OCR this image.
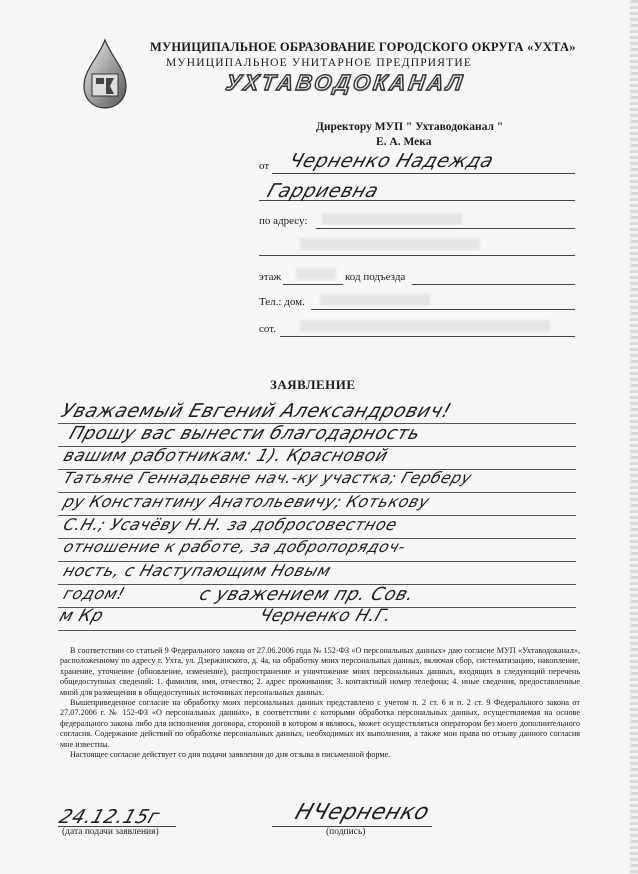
МУНИЦИПАЛЬНОЕ ОБРАЗОВАНИЕ ГОРОДСКОГО ОКРУГА «УХТА»
МУНИЦИПАЛЬНОЕ УНИТАРНОЕ ПРЕДПРИЯТИЕ
УХТАВОДОКАНАЛ
Директору МУП " Ухтаводоканал "
Е. А. Мека
от Черненко Надежда
Гарриевна
по адресу:
этаж	код подъезда
Тел.: дом.
сот.
ЗАЯВЛЕНИЕ
Уважаемый Евгений Александрович!
Прошу вас вынести благодарность
вашим работникам: 1). Красновой
Татьяне Геннадьевне нач.-ку участка; Герберу
ру Константину Анатольевичу; Котькову
С.Н.; Усачёву Н.Н. за добросовестное
отношение к работе, за добропорядоч-
ность, с Наступающим Новым
годом!	с уважением пр. Сов.
м Кр	Черненко Н.Г.

В соответствии со статьей 9 Федерального закона от 27.06.2006 года № 152-ФЗ «О персональных данных» даю согласие МУП «Ухтаводоканал», расположенному по адресу г. Ухта, ул. Дзержинского, д. 4а, на обработку моих персональных данных, включая сбор, систематизацию, накопление, хранение, уточнение (обновление, изменение), распространение и уничтожение моих персональных данных, входящих в следующий перечень общедоступных сведений: 1. фамилия, имя, отчество; 2. адрес проживания; 3. контактный номер телефона; 4. иные сведения, предоставленные мной для размещения в общедоступных источниках персональных данных.

Вышеприведенное согласие на обработку моих персональных данных представлено с учетом п. 2 ст. 6 и п. 2 ст. 9 Федерального закона от 27.07.2006 г. № 152-ФЗ «О персональных данных», в соответствии с которыми обработка персональных данных, осуществляемая на основе федерального закона либо для исполнения договора, стороной в котором я являюсь, может осуществляться оператором без моего дополнительного согласия. Содержание действий по обработке персональных данных, необходимых их выполнения, а также мои права по отзыву данного согласия мне известны.

Настоящее согласие действует со дня подачи заявления до дня отзыва в письменной форме.

24.12.15г
(дата подачи заявления)
НЧерненко
(подпись)
